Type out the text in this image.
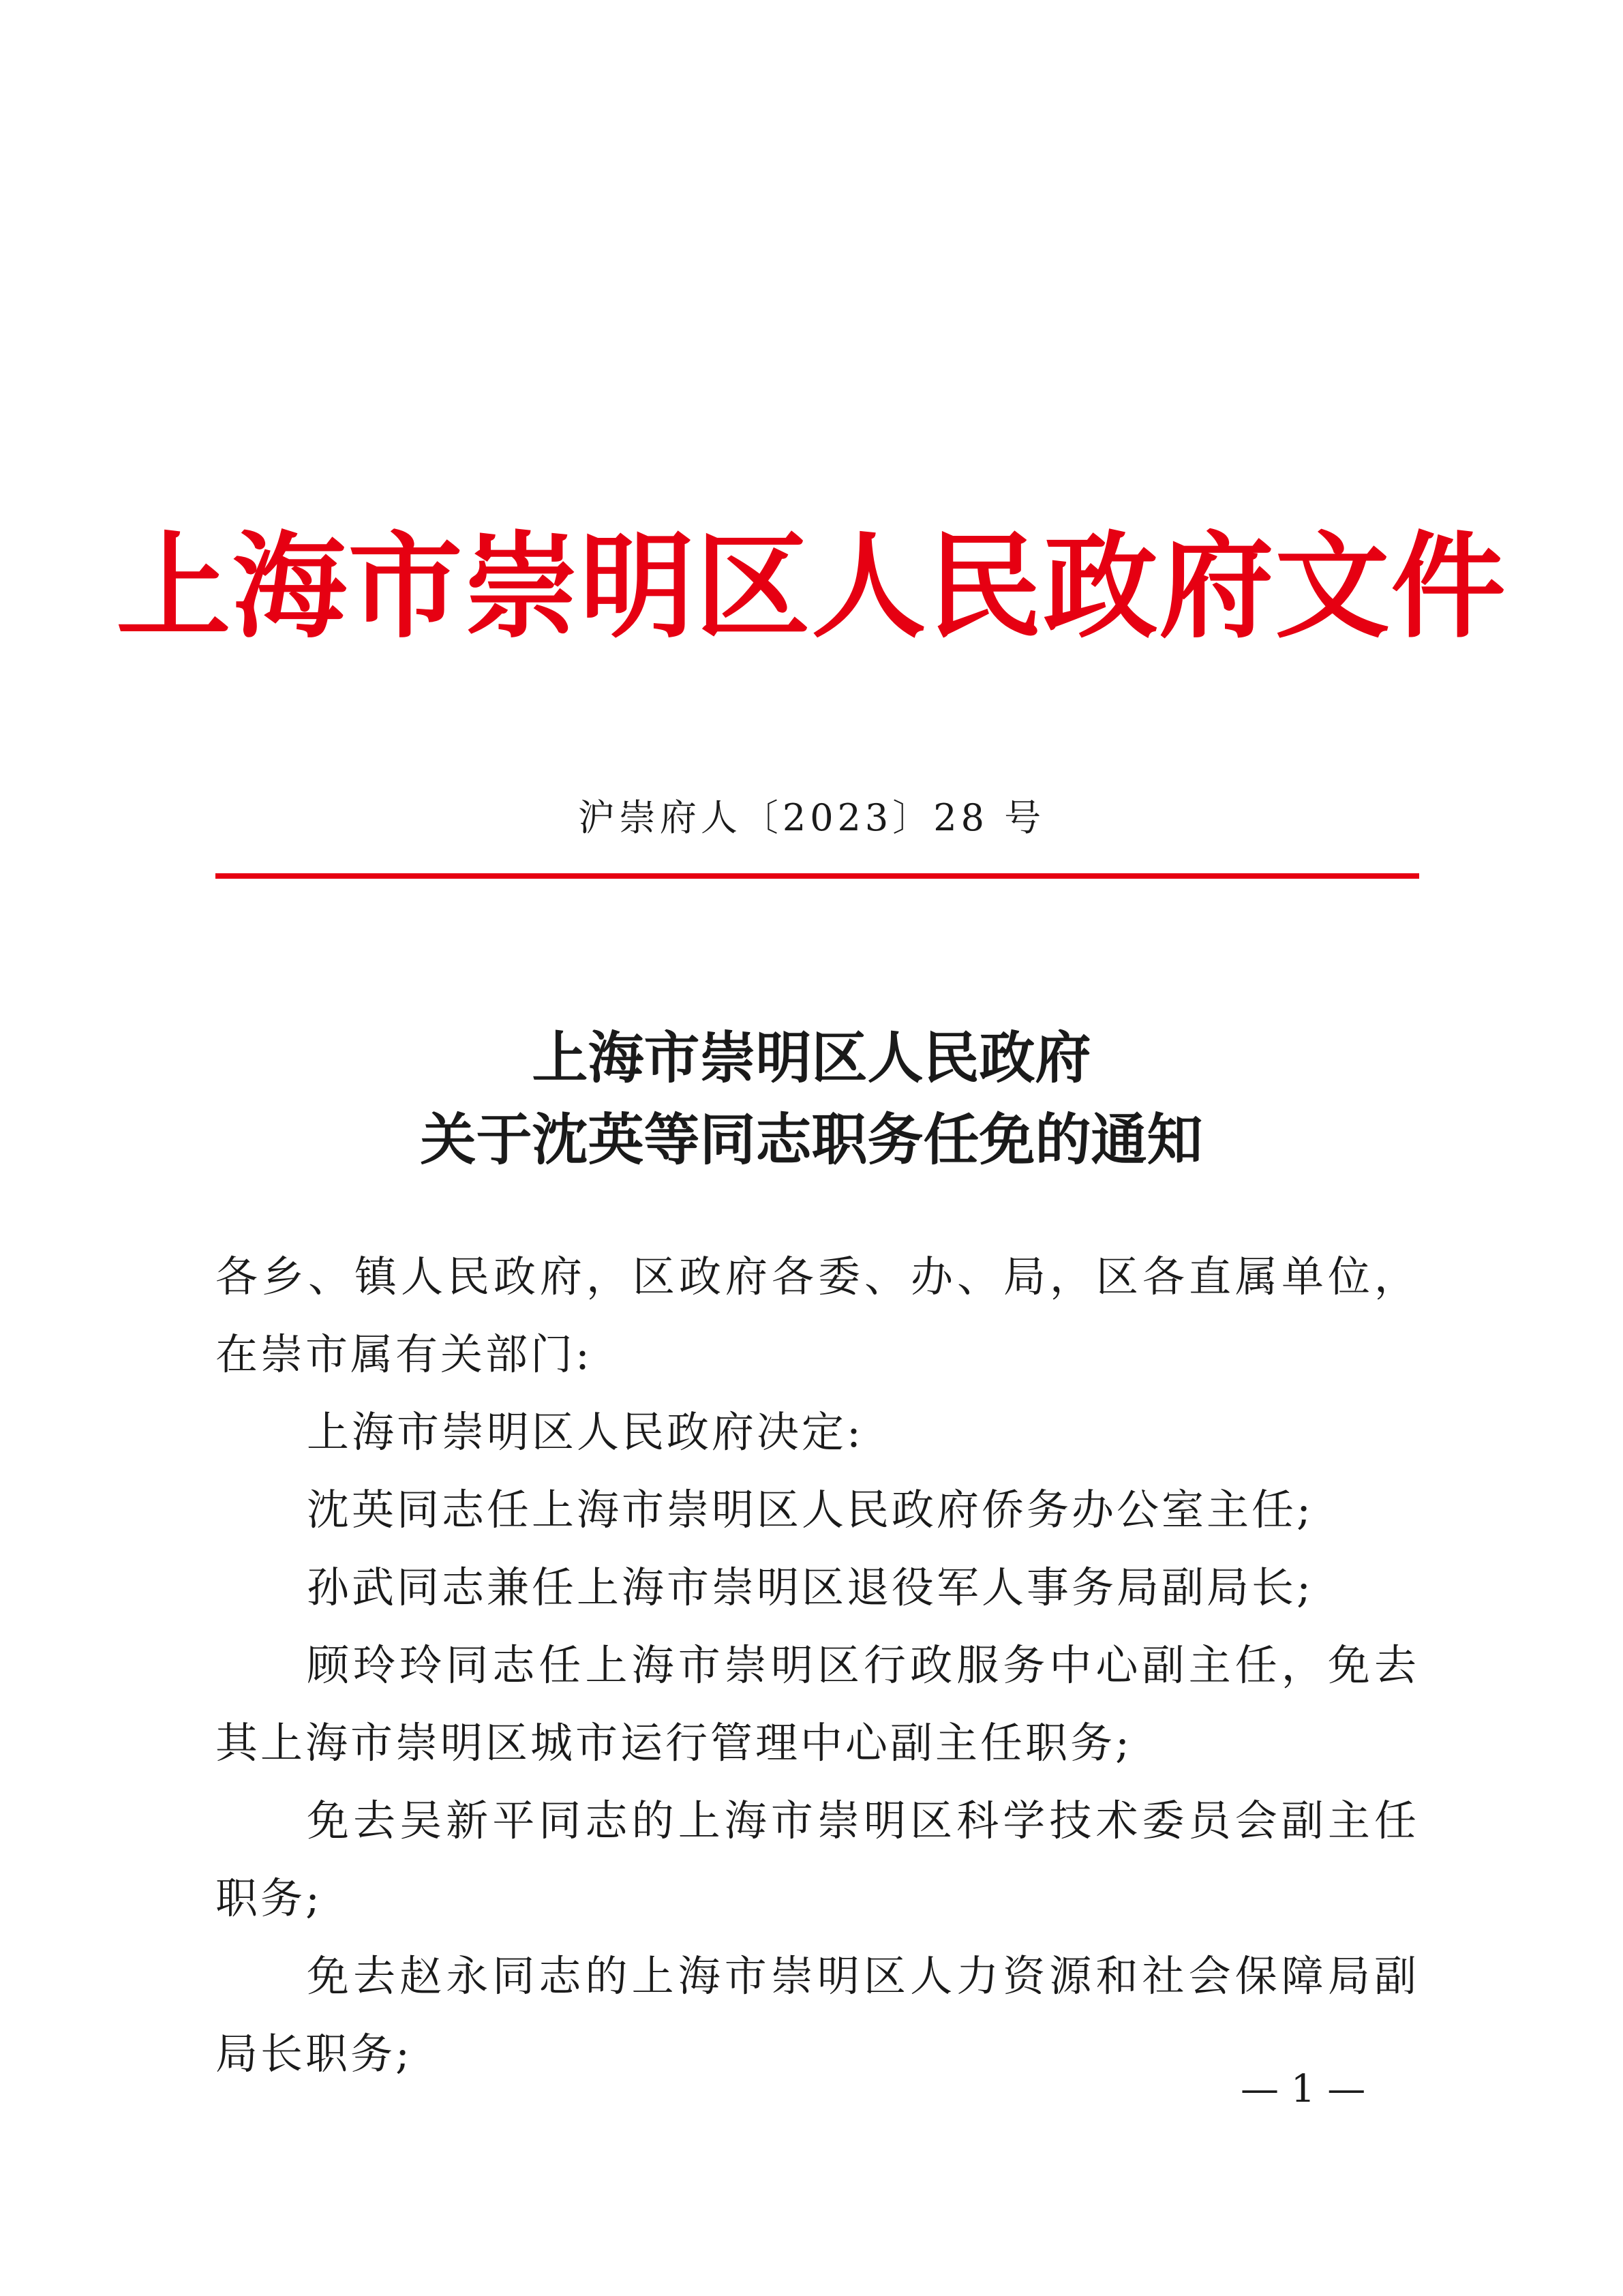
上海市崇明区人民政府文件
沪崇府人〔2023〕28 号
上海市崇明区人民政府
关于沈英等同志职务任免的通知

各乡、镇人民政府，区政府各委、办、局，区各直属单位，在崇市属有关部门:

上海市崇明区人民政府决定:

沈英同志任上海市崇明区人民政府侨务办公室主任;

孙武同志兼任上海市崇明区退役军人事务局副局长;

顾玲玲同志任上海市崇明区行政服务中心副主任，免去其上海市崇明区城市运行管理中心副主任职务;

免去吴新平同志的上海市崇明区科学技术委员会副主任职务;

免去赵永同志的上海市崇明区人力资源和社会保障局副局长职务;

— 1 —
